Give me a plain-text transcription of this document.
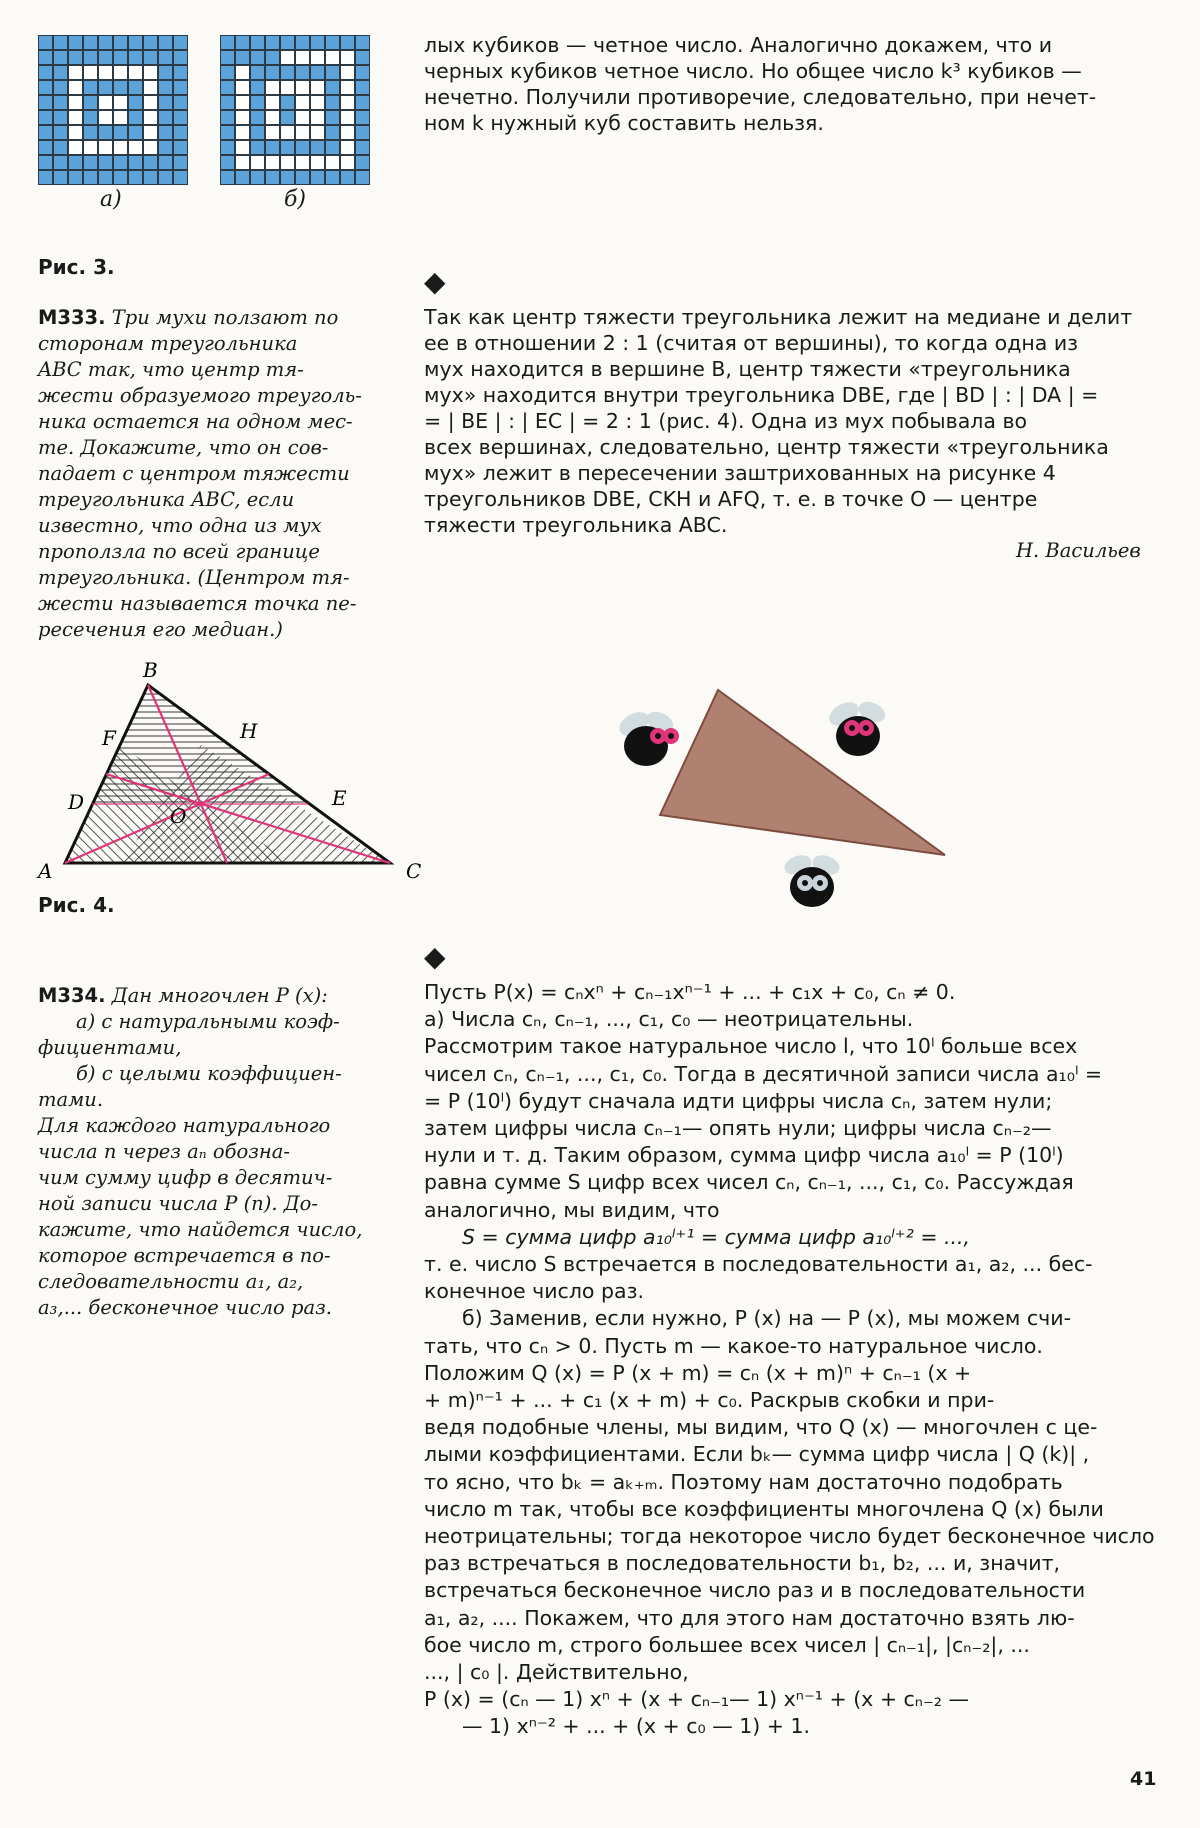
а)	б)
Рис. 3.
лых кубиков — четное число. Аналогично докажем, что и
черных кубиков четное число. Но общее число k³ кубиков —
нечетно. Получили противоречие, следовательно, при нечет-
ном k нужный куб составить нельзя.
◆
М333. Три мухи ползают по
сторонам треугольника
ABC так, что центр тя-
жести образуемого треуголь-
ника остается на одном мес-
те. Докажите, что он сов-
падает с центром тяжести
треугольника ABC, если
известно, что одна из мух
проползла по всей границе
треугольника. (Центром тя-
жести называется точка пе-
ресечения его медиан.)
Так как центр тяжести треугольника лежит на медиане и делит
ее в отношении 2 : 1 (считая от вершины), то когда одна из
мух находится в вершине B, центр тяжести «треугольника
мух» находится внутри треугольника DBE, где | BD | : | DA | =
= | BE | : | EC | = 2 : 1 (рис. 4). Одна из мух побывала во
всех вершинах, следовательно, центр тяжести «треугольника
мух» лежит в пересечении заштрихованных на рисунке 4
треугольников DBE, CKH и AFQ, т. е. в точке O — центре
тяжести треугольника ABC.
Н. Васильев
B
A	C
F	H
D	E
O
Рис. 4.
◆
М334. Дан многочлен P (x):
а) с натуральными коэф-
фициентами,
б) с целыми коэффициен-
тами.
Для каждого натурального
числа n через aₙ обозна-
чим сумму цифр в десятич-
ной записи числа P (n). До-
кажите, что найдется число,
которое встречается в по-
следовательности a₁, a₂,
a₃,... бесконечное число раз.
Пусть P(x) = cₙxⁿ + cₙ₋₁xⁿ⁻¹ + ... + c₁x + c₀, cₙ ≠ 0.
а) Числа cₙ, cₙ₋₁, ..., c₁, c₀ — неотрицательны.
Рассмотрим такое натуральное число l, что 10ˡ больше всех
чисел cₙ, cₙ₋₁, ..., c₁, c₀. Тогда в десятичной записи числа a₁₀ˡ =
= P (10ˡ) будут сначала идти цифры числа cₙ, затем нули;
затем цифры числа cₙ₋₁— опять нули; цифры числа cₙ₋₂—
нули и т. д. Таким образом, сумма цифр числа a₁₀ˡ = P (10ˡ)
равна сумме S цифр всех чисел cₙ, cₙ₋₁, ..., c₁, c₀. Рассуждая
аналогично, мы видим, что
S = сумма цифр a₁₀ˡ⁺¹ = сумма цифр a₁₀ˡ⁺² = ...,
т. е. число S встречается в последовательности a₁, a₂, ... бес-
конечное число раз.
б) Заменив, если нужно, P (x) на — P (x), мы можем счи-
тать, что cₙ > 0. Пусть m — какое-то натуральное число.
Положим Q (x) = P (x + m) = cₙ (x + m)ⁿ + cₙ₋₁ (x +
+ m)ⁿ⁻¹ + ... + c₁ (x + m) + c₀. Раскрыв скобки и при-
ведя подобные члены, мы видим, что Q (x) — многочлен с це-
лыми коэффициентами. Если bₖ— сумма цифр числа | Q (k)| ,
то ясно, что bₖ = aₖ₊ₘ. Поэтому нам достаточно подобрать
число m так, чтобы все коэффициенты многочлена Q (x) были
неотрицательны; тогда некоторое число будет бесконечное число
раз встречаться в последовательности b₁, b₂, ... и, значит,
встречаться бесконечное число раз и в последовательности
a₁, a₂, .... Покажем, что для этого нам достаточно взять лю-
бое число m, строго большее всех чисел | cₙ₋₁|, |cₙ₋₂|, ...
..., | c₀ |. Действительно,
P (x) = (cₙ — 1) xⁿ + (x + cₙ₋₁— 1) xⁿ⁻¹ + (x + cₙ₋₂ —
— 1) xⁿ⁻² + ... + (x + c₀ — 1) + 1.
41
